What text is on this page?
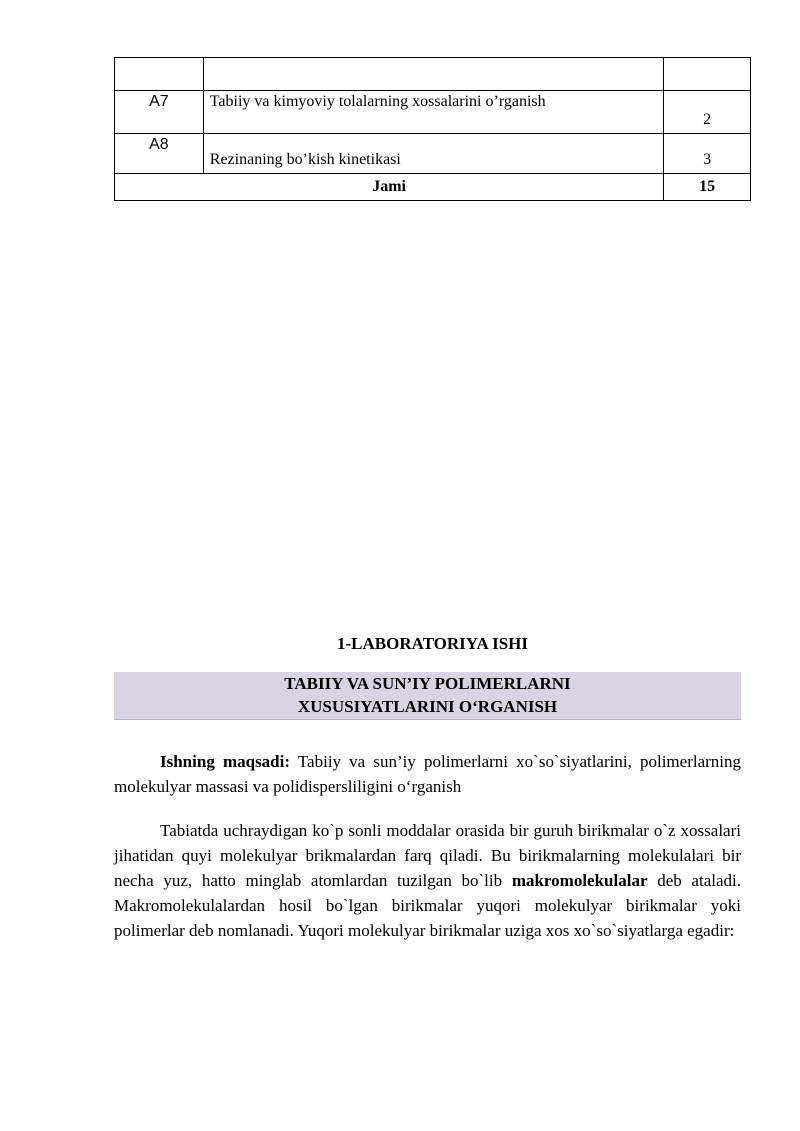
A7	Tabiiy va kimyoviy tolalarning xossalarini o’rganish	2
A8	Rezinaning bo’kish kinetikasi	3
Jami		15
1-LABORATORIYA ISHI
TABIIY VA SUN’IY POLIMERLARNI
XUSUSIYATLARINI O‘RGANISH

Ishning maqsadi: Tabiiy va sun’iy polimerlarni xo`so`siyatlarini, polimerlarning molekulyar massasi va polidispersliligini o‘rganish

Tabiatda uchraydigan ko`p sonli moddalar orasida bir guruh birikmalar o`z xossalari jihatidan quyi molekulyar brikmalardan farq qiladi. Bu birikmalarning molekulalari bir necha yuz, hatto minglab atomlardan tuzilgan bo`lib makromolekulalar deb ataladi. Makromolekulalardan hosil bo`lgan birikmalar yuqori molekulyar birikmalar yoki polimerlar deb nomlanadi. Yuqori molekulyar birikmalar uziga xos xo`so`siyatlarga egadir:
